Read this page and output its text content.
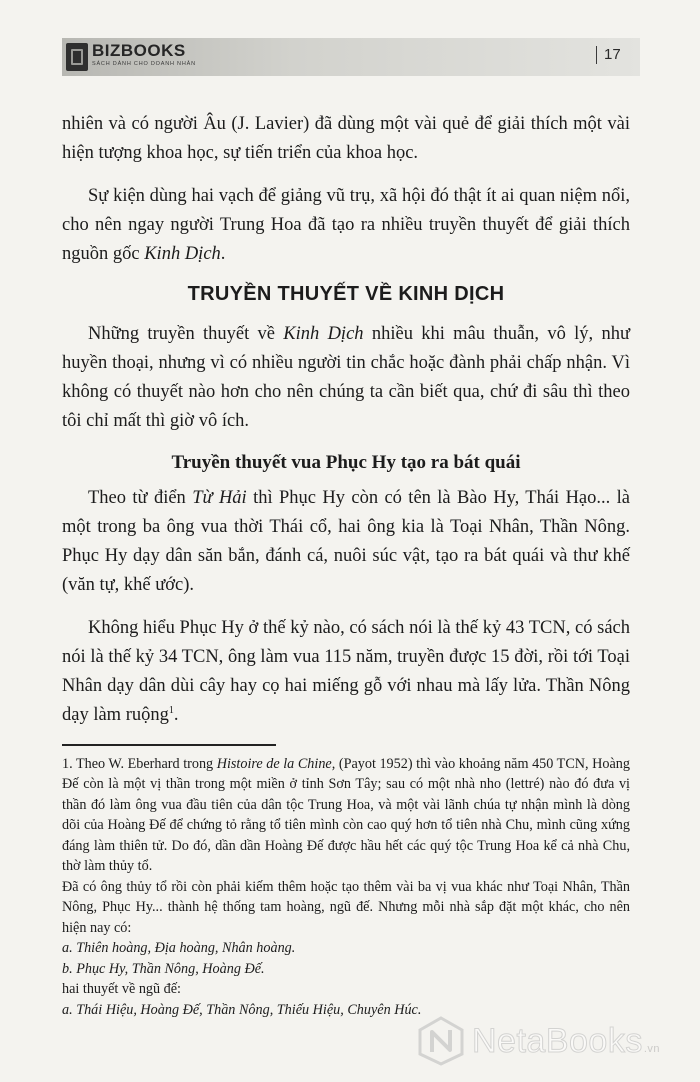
BIZBOOKS
SÁCH DÀNH CHO DOANH NHÂN
17

nhiên và có người Âu (J. Lavier) đã dùng một vài quẻ để giải thích một vài hiện tượng khoa học, sự tiến triển của khoa học.

Sự kiện dùng hai vạch để giảng vũ trụ, xã hội đó thật ít ai quan niệm nổi, cho nên ngay người Trung Hoa đã tạo ra nhiều truyền thuyết để giải thích nguồn gốc Kinh Dịch.

TRUYỀN THUYẾT VỀ KINH DỊCH

Những truyền thuyết về Kinh Dịch nhiều khi mâu thuẫn, vô lý, như huyền thoại, nhưng vì có nhiều người tin chắc hoặc đành phải chấp nhận. Vì không có thuyết nào hơn cho nên chúng ta cần biết qua, chứ đi sâu thì theo tôi chỉ mất thì giờ vô ích.

Truyền thuyết vua Phục Hy tạo ra bát quái

Theo từ điển Từ Hải thì Phục Hy còn có tên là Bào Hy, Thái Hạo... là một trong ba ông vua thời Thái cổ, hai ông kia là Toại Nhân, Thần Nông. Phục Hy dạy dân săn bắn, đánh cá, nuôi súc vật, tạo ra bát quái và thư khế (văn tự, khế ước).

Không hiểu Phục Hy ở thế kỷ nào, có sách nói là thế kỷ 43 TCN, có sách nói là thế kỷ 34 TCN, ông làm vua 115 năm, truyền được 15 đời, rồi tới Toại Nhân dạy dân dùi cây hay cọ hai miếng gỗ với nhau mà lấy lửa. Thần Nông dạy làm ruộng$^1$.

1. Theo W. Eberhard trong Histoire de la Chine, (Payot 1952) thì vào khoảng năm 450 TCN, Hoàng Đế còn là một vị thần trong một miền ở tỉnh Sơn Tây; sau có một nhà nho (lettré) nào đó đưa vị thần đó làm ông vua đầu tiên của dân tộc Trung Hoa, và một vài lãnh chúa tự nhận mình là dòng dõi của Hoàng Đế để chứng tỏ rằng tổ tiên mình còn cao quý hơn tổ tiên nhà Chu, mình cũng xứng đáng làm thiên tử. Do đó, dần dần Hoàng Đế được hầu hết các quý tộc Trung Hoa kể cả nhà Chu, thờ làm thủy tổ.

Đã có ông thủy tổ rồi còn phải kiếm thêm hoặc tạo thêm vài ba vị vua khác như Toại Nhân, Thần Nông, Phục Hy... thành hệ thống tam hoàng, ngũ đế. Nhưng mỗi nhà sắp đặt một khác, cho nên hiện nay có:

a. Thiên hoàng, Địa hoàng, Nhân hoàng.

b. Phục Hy, Thần Nông, Hoàng Đế.

hai thuyết về ngũ đế:

a. Thái Hiệu, Hoàng Đế, Thần Nông, Thiếu Hiệu, Chuyên Húc.

NetaBooks.vn
